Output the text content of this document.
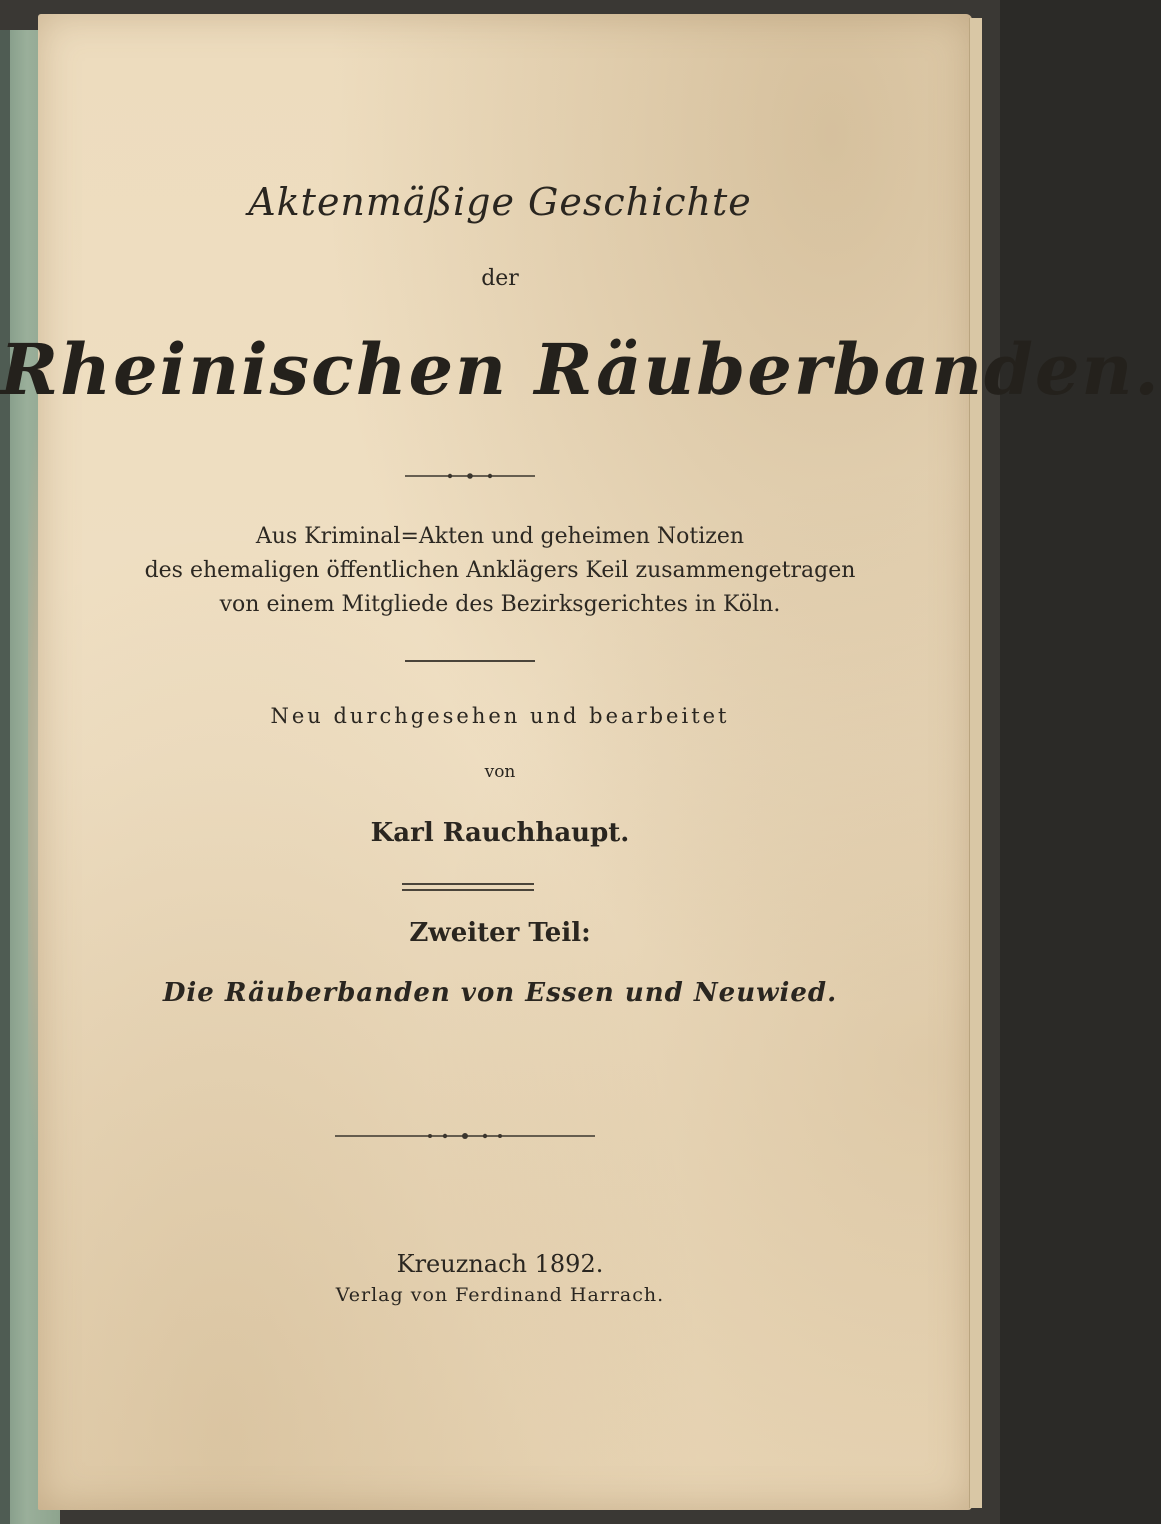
Aktenmäßige Geschichte
der
Rheinischen Räuberbanden.
Aus Kriminal=Akten und geheimen Notizen
des ehemaligen öffentlichen Anklägers Keil zusammengetragen
von einem Mitgliede des Bezirksgerichtes in Köln.
Neu durchgesehen und bearbeitet
von
Karl Rauchhaupt.
Zweiter Teil:
Die Räuberbanden von Essen und Neuwied.
Kreuznach 1892.
Verlag von Ferdinand Harrach.
